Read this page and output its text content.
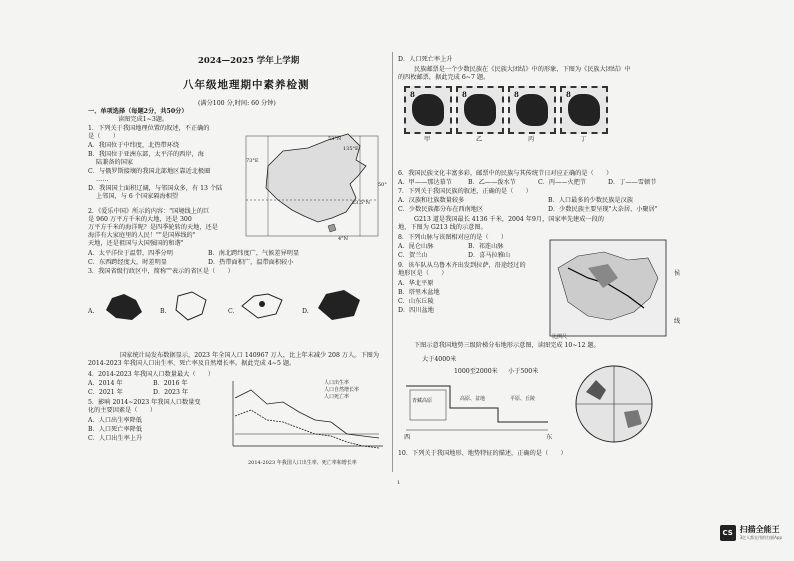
2024—2025 学年上学期
八年级地理期中素养检测
(满分100 分,时间: 60 分钟)
一、单项选择（每题2分，共50分）
读图完成1~3题。
1．下列关于我国地理位置的叙述，不正确的
是（　　）
A．我国位于中纬度，北热带环绕
B．我国位于亚洲东部，太平洋的西岸，海
陆兼备的国家
C．与俄罗斯接壤的我国北部地区靠近北极圈
……
D．我国国土面积辽阔，与邻国众多，有 13 个陆
上邻国，与 6 个国家隔海相望
53°N
135°E
50°
23.5°N
73°E
4°N
2．《爱乐中国》所示的内容："国境线上的巨
是 960 万平方千米的大地，还是 300
万平方千米的海洋呢？是四季轮转的天地，还是
海洋有大家庭里的人民！""是国界线的"
天地，还是祖国与大国强国的和谐"
A．太平洋位于温带，四季分明	B．南北跨纬度广，气候差异明显
C．东西跨经度大，时差明显	D．热带面积广，温带面积较小
3．我国省级行政区中，简称""表示的省区是（　　）
A.	B.	C.	D.
国家统计局发布数据显示，2023 年全国人口 140967 万人，比上年末减少 208 万人。下图为
2014-2023 年我国人口出生率、死亡率及自然增长率。据此完成 4~5 题。
4．2014-2023 年我国人口数量最大（　　）
A．2014 年	B．2016 年
C．2021 年	D．2023 年
5．影响 2014~2023 年我国人口数量变
化的主要因素是（　　）
A．人口出生率降低
B．人口死亡率降低
C．人口出生率上升
人口出生率
人口自然增长率
人口死亡率
2014-2023 年我国人口出生率、死亡率和增长率
D．人口死亡率上升
民族邮票是一个少数民族在《民族大团结》中的形象，下图为《民族大团结》中
的四枚邮票，据此完成 6~7 题。
8	8	8	8
甲	乙	丙	丁
6．我国民族文化丰富多彩，邮票中的民族与其传统节日对应正确的是（　　）
A．甲——那达慕节	B．乙——泼水节	C．丙——火把节	D．丁——雪顿节
7．下列关于我国民族的叙述，正确的是（　　）
A．汉族和壮族数量较多	B．人口最多的少数民族是汉族
C．少数民族都分布在西南地区	D．少数民族主要呈现"大杂居、小聚居"
G213 道是我国最长 4136 千米，2004 年9月，国家率先建成一段的
地，下图为 G213 线的示意图。
8．下列山脉与该图相对应的是（　　）
A．昆仑山脉	B．祁连山脉
C．贺兰山	D．喜马拉雅山
9．该车队从乌鲁木齐出发到拉萨，沿途经过的
地形区是（　　）
A．华北平原
B．塔里木盆地
C．山东丘陵
D．四川盆地
比例尺
侯
线
下图示意我国地势三级阶梯分布地形示意图，读图完成 10~12 题。
大于4000米
1000至2000米 小于500米
青藏高原	高原、盆地	平原、丘陵
西	东
10．下列关于我国地形、地势特征的描述，正确的是（　　）
1
CS 扫描全能王
3亿人都在用的扫描App
